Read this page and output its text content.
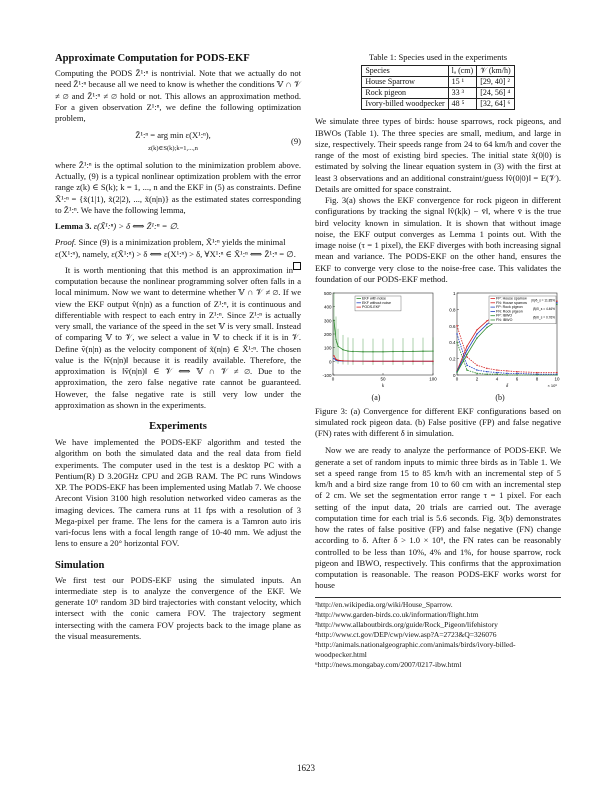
Approximate Computation for PODS-EKF

Computing the PODS Z̃¹:ⁿ is nontrivial. Note that we actually do not need Z̃¹:ⁿ because all we need to know is whether the conditions 𝕍 ∩ 𝒱 ≠ ∅ and Z̃¹:ⁿ ≠ ∅ hold or not. This allows an approximation method. For a given observation Z¹:ⁿ, we define the following optimization problem,

Z̃¹:ⁿ = arg min ε(X¹:ⁿ),
z(k)∈S(k);k=1,...,n
(9)

where Z̃¹:ⁿ is the optimal solution to the minimization problem above. Actually, (9) is a typical nonlinear optimization problem with the error range z(k) ∈ S(k); k = 1, ..., n and the EKF in (5) as constraints. Define X̃¹:ⁿ = {x̃(1|1), x̃(2|2), ..., x̃(n|n)} as the estimated states corresponding to Z̃¹:ⁿ. We have the following lemma,

Lemma 3. ε(X̃¹:ⁿ) > δ ⟺ Z̃¹:ⁿ = ∅.
Proof. Since (9) is a minimization problem, X̃¹:ⁿ yields the minimal ε(X¹:ⁿ), namely, ε(X̃¹:ⁿ) > δ ⟺ ε(X¹:ⁿ) > δ, ∀X¹:ⁿ ∈ X̃¹:ⁿ ⟺ Z̃¹:ⁿ = ∅.

It is worth mentioning that this method is an approximation in computation because the nonlinear programming solver often falls in a local minimum. Now we want to determine whether 𝕍 ∩ 𝒱 ≠ ∅. If we view the EKF output v̂(n|n) as a function of Z¹:ⁿ, it is continuous and differentiable with respect to each entry in Z¹:ⁿ. Since Z¹:ⁿ is actually very small, the variance of the speed in the set 𝕍 is very small. Instead of comparing 𝕍 to 𝒱, we select a value in 𝕍 to check if it is in 𝒱. Define ṽ(n|n) as the velocity component of x̃(n|n) ∈ X̃¹:ⁿ. The chosen value is the ‖ṽ(n|n)‖ because it is readily available. Therefore, the approximation is ‖ṽ(n|n)‖ ∈ 𝒱 ⟺ 𝕍 ∩ 𝒱 ≠ ∅. Due to the approximation, the zero false negative rate cannot be guaranteed. However, the false negative rate is still very low under the approximation as shown in the experiments.

Experiments

We have implemented the PODS-EKF algorithm and tested the algorithm on both the simulated data and the real data from field experiments. The computer used in the test is a desktop PC with a Pentium(R) D 3.20GHz CPU and 2GB RAM. The PC runs Windows XP. The PODS-EKF has been implemented using Matlab 7. We choose Arecont Vision 3100 high resolution networked video cameras as the imaging devices. The camera runs at 11 fps with a resolution of 3 Mega-pixel per frame. The lens for the camera is a Tamron auto iris vari-focus lens with a focal length range of 10-40 mm. We adjust the lens to ensure a 20° horizontal FOV.

Simulation

We first test our PODS-EKF using the simulated inputs. An intermediate step is to analyze the convergence of the EKF. We generate 10⁶ random 3D bird trajectories with constant velocity, which intersect with the conic camera FOV. The trajectory segment intersecting with the camera FOV projects back to the image plane as the visual measurements.

Table 1: Species used in the experiments
Species	lₐ (cm)	𝒱 (km/h)
House Sparrow	15 ¹	[29, 40] ²
Rock pigeon	33 ³	[24, 56] ⁴
Ivory-billed woodpecker	48 ⁵	[32, 64] ⁶

We simulate three types of birds: house sparrows, rock pigeons, and IBWOs (Table 1). The three species are small, medium, and large in size, respectively. Their speeds range from 24 to 64 km/h and cover the range of the most of existing bird species. The initial state x̂(0|0) is estimated by solving the linear equation system in (3) with the first at least 3 observations and an additional constraint/guess ‖v̂(0|0)‖ = E(𝒱). Details are omitted for space constraint.

Fig. 3(a) shows the EKF convergence for rock pigeon in different configurations by tracking the signal ‖v̂(k|k) − v̄‖, where v̄ is the true bird velocity known in simulation. It is shown that without image noise, the EKF output converges as Lemma 1 points out. With the image noise (τ = 1 pixel), the EKF diverges with both increasing signal mean and variance. The PODS-EKF on the other hand, ensures the EKF to converge very close to the noise-free case. This validates the foundation of our PODS-EKF method.

500
400
300
200
100
0
-100
0	50	100
k
EKF with noise
EKF without noise
PODS-EKF
(a)
1
0.8
0.6
0.4
0.2
0
0	2	4	6	8	10
δ	× 10⁶
FP: House sparrow
FN: House sparrow
FP: Rock pigeon
FN: Rock pigeon
FP: IBWO
FN: IBWO
|δ|/δ_s = 11.85%
|δ|/δ_s = 4.46%
|δ|/δ_s = 0.76%
(b)

Figure 3: (a) Convergence for different EKF configurations based on simulated rock pigeon data. (b) False positive (FP) and false negative (FN) rates with different δ in simulation.

Now we are ready to analyze the performance of PODS-EKF. We generate a set of random inputs to mimic three birds as in Table 1. We set a speed range from 15 to 85 km/h with an incremental step of 5 km/h and a bird size range from 10 to 60 cm with an incremental step of 2 cm. We set the segmentation error range τ = 1 pixel. For each setting of the input data, 20 trials are carried out. The average computation time for each trial is 5.6 seconds. Fig. 3(b) demonstrates how the rates of false positive (FP) and false negative (FN) change according to δ. After δ > 1.0 × 10⁶, the FN rates can be reasonably controlled to be less than 10%, 4% and 1%, for house sparrow, rock pigeon and IBWO, respectively. This confirms that the approximation computation is reasonable. The reason PODS-EKF works worst for house

¹http://en.wikipedia.org/wiki/House_Sparrow.
²http://www.garden-birds.co.uk/information/flight.htm
³http://www.allaboutbirds.org/guide/Rock_Pigeon/lifehistory
⁴http://www.ct.gov/DEP/cwp/view.asp?A=2723&Q=326076
⁵http://animals.nationalgeographic.com/animals/birds/ivory-billed-woodpecker.html
⁶http://news.mongabay.com/2007/0217-ibw.html
1623
